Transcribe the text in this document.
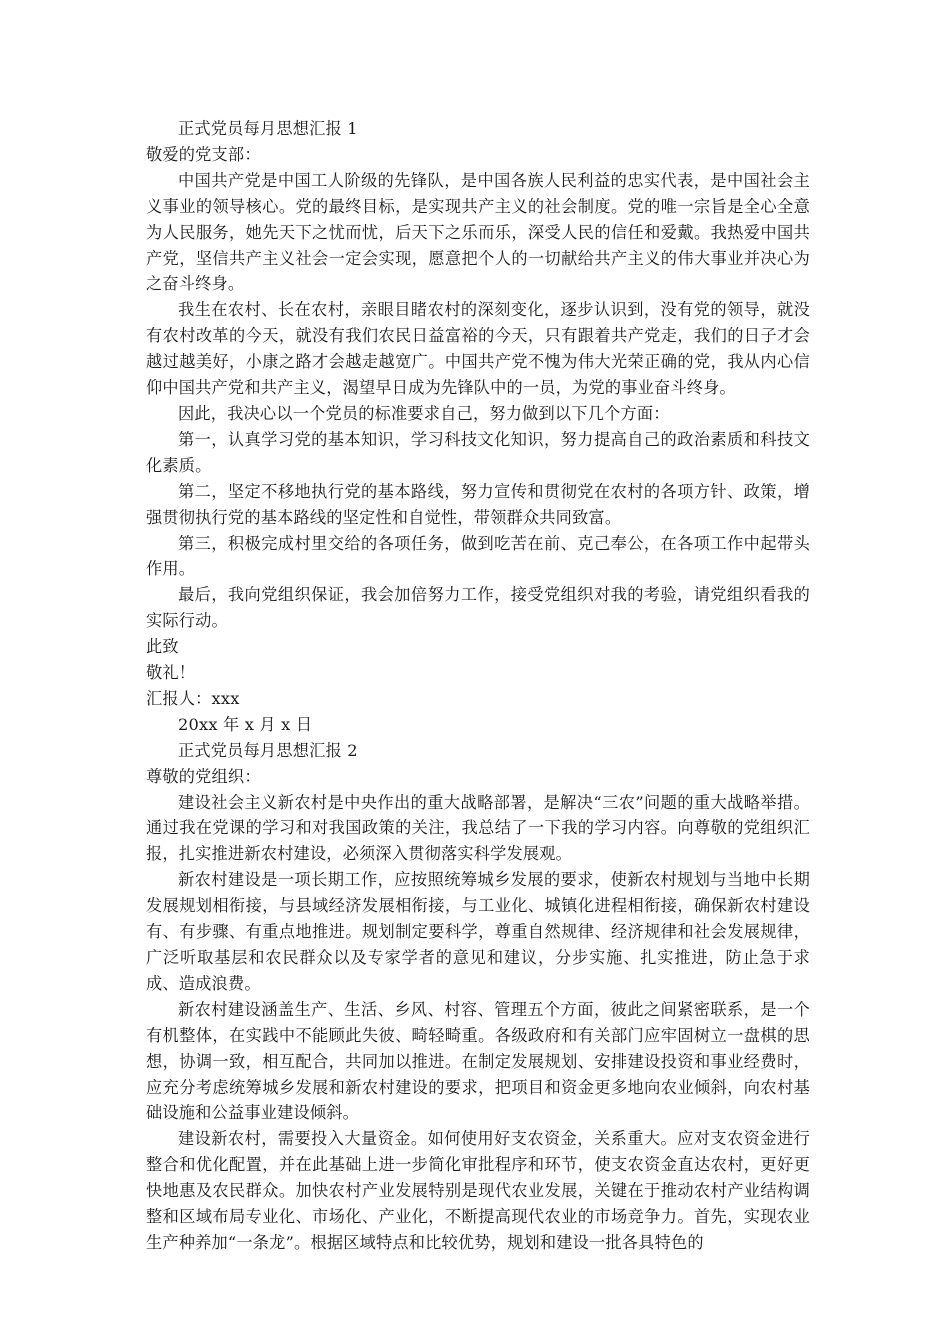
正式党员每月思想汇报 1

敬爱的党支部：

中国共产党是中国工人阶级的先锋队，是中国各族人民利益的忠实代表，是中国社会主义事业的领导核心。党的最终目标，是实现共产主义的社会制度。党的唯一宗旨是全心全意为人民服务，她先天下之忧而忧，后天下之乐而乐，深受人民的信任和爱戴。我热爱中国共产党，坚信共产主义社会一定会实现，愿意把个人的一切献给共产主义的伟大事业并决心为之奋斗终身。

我生在农村、长在农村，亲眼目睹农村的深刻变化，逐步认识到，没有党的领导，就没有农村改革的今天，就没有我们农民日益富裕的今天，只有跟着共产党走，我们的日子才会越过越美好，小康之路才会越走越宽广。中国共产党不愧为伟大光荣正确的党，我从内心信仰中国共产党和共产主义，渴望早日成为先锋队中的一员，为党的事业奋斗终身。

因此，我决心以一个党员的标准要求自己，努力做到以下几个方面：

第一，认真学习党的基本知识，学习科技文化知识，努力提高自己的政治素质和科技文化素质。

第二，坚定不移地执行党的基本路线，努力宣传和贯彻党在农村的各项方针、政策，增强贯彻执行党的基本路线的坚定性和自觉性，带领群众共同致富。

第三，积极完成村里交给的各项任务，做到吃苦在前、克己奉公，在各项工作中起带头作用。

最后，我向党组织保证，我会加倍努力工作，接受党组织对我的考验，请党组织看我的实际行动。

此致

敬礼！

汇报人：xxx

20xx 年 x 月 x 日

正式党员每月思想汇报 2

尊敬的党组织：

建设社会主义新农村是中央作出的重大战略部署，是解决“三农”问题的重大战略举措。通过我在党课的学习和对我国政策的关注，我总结了一下我的学习内容。向尊敬的党组织汇报，扎实推进新农村建设，必须深入贯彻落实科学发展观。

新农村建设是一项长期工作，应按照统筹城乡发展的要求，使新农村规划与当地中长期发展规划相衔接，与县域经济发展相衔接，与工业化、城镇化进程相衔接，确保新农村建设有、有步骤、有重点地推进。规划制定要科学，尊重自然规律、经济规律和社会发展规律，广泛听取基层和农民群众以及专家学者的意见和建议，分步实施、扎实推进，防止急于求成、造成浪费。

新农村建设涵盖生产、生活、乡风、村容、管理五个方面，彼此之间紧密联系，是一个有机整体，在实践中不能顾此失彼、畸轻畸重。各级政府和有关部门应牢固树立一盘棋的思想，协调一致，相互配合，共同加以推进。在制定发展规划、安排建设投资和事业经费时，应充分考虑统筹城乡发展和新农村建设的要求，把项目和资金更多地向农业倾斜，向农村基础设施和公益事业建设倾斜。

建设新农村，需要投入大量资金。如何使用好支农资金，关系重大。应对支农资金进行整合和优化配置，并在此基础上进一步简化审批程序和环节，使支农资金直达农村，更好更快地惠及农民群众。加快农村产业发展特别是现代农业发展，关键在于推动农村产业结构调整和区域布局专业化、市场化、产业化，不断提高现代农业的市场竞争力。首先，实现农业生产种养加“一条龙”。根据区域特点和比较优势，规划和建设一批各具特色的
